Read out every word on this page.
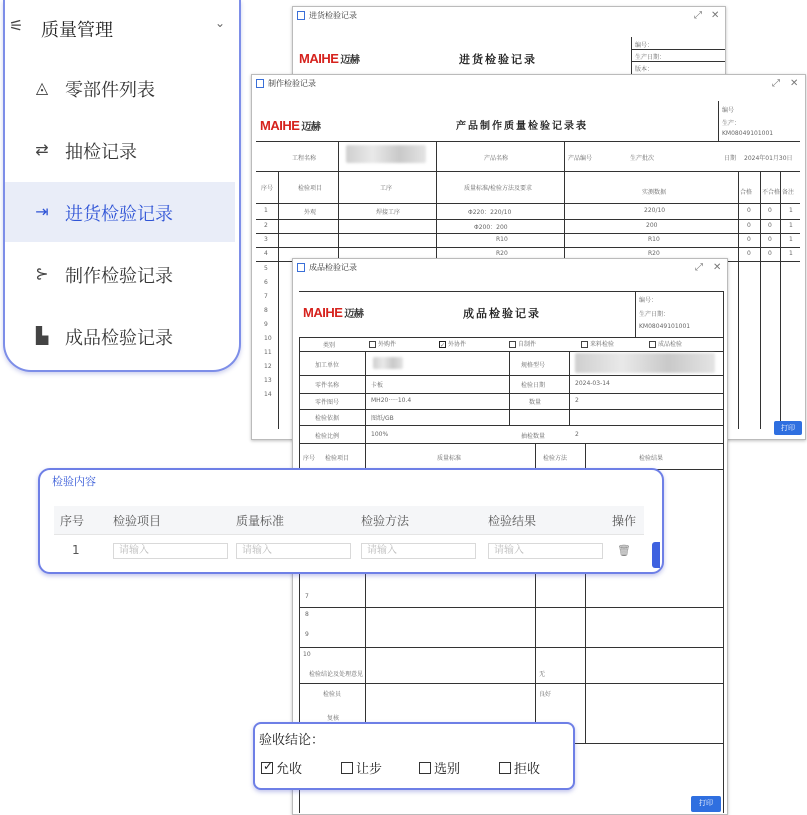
进货检验记录	⤢ ✕
MAIHE 迈赫	进货检验记录
编号：
生产日期：
版本：
制作检验记录	⤢ ✕
MAIHE 迈赫	产品制作质量检验记录表
编号
生产：
KM08049101001
工程名称	产品名称	产品编号	生产批次	日期 2024年01月30日
序号	检验项目	工序	质量标准/检验方法及要求
实测数据	合格 不合格 备注
1	外观	焊接工序	Φ220：220/10	220/10	0	0	1
2	Φ200：200	200	0	0	1
3	R10	R10	0	0	1
4	R20	R20	0	0	1
5
6
7
8
9
10
11
12
13
14
打印
成品检验记录	⤢ ✕
MAIHE 迈赫	成品检验记录
编号：
生产日期：
KM08049101001
类别	外购件	✓ 外协件	自制件	来料检验	成品检验
加工单位	规格型号
零件名称	卡板	检验日期	2024-03-14
零件图号	MH20·····10.4	数量	2
检验依据	图纸/GB
检验比例	100%	抽检数量	2
序号 检验项目	质量标准	检验方法	检验结果
7
8
9
10
检验结论及处理意见	无
检验员	良好
复核
打印
⚟ 质量管理	⌄
◬ 零部件列表
⇄ 抽检记录
⇥ 进货检验记录
⊱ 制作检验记录
▙ 成品检验记录
检验内容
序号	检验项目	质量标准	检验方法	检验结果	操作
1	请输入	请输入	请输入	请输入	🗑
验收结论：
✓ 允收	让步	选别	拒收
